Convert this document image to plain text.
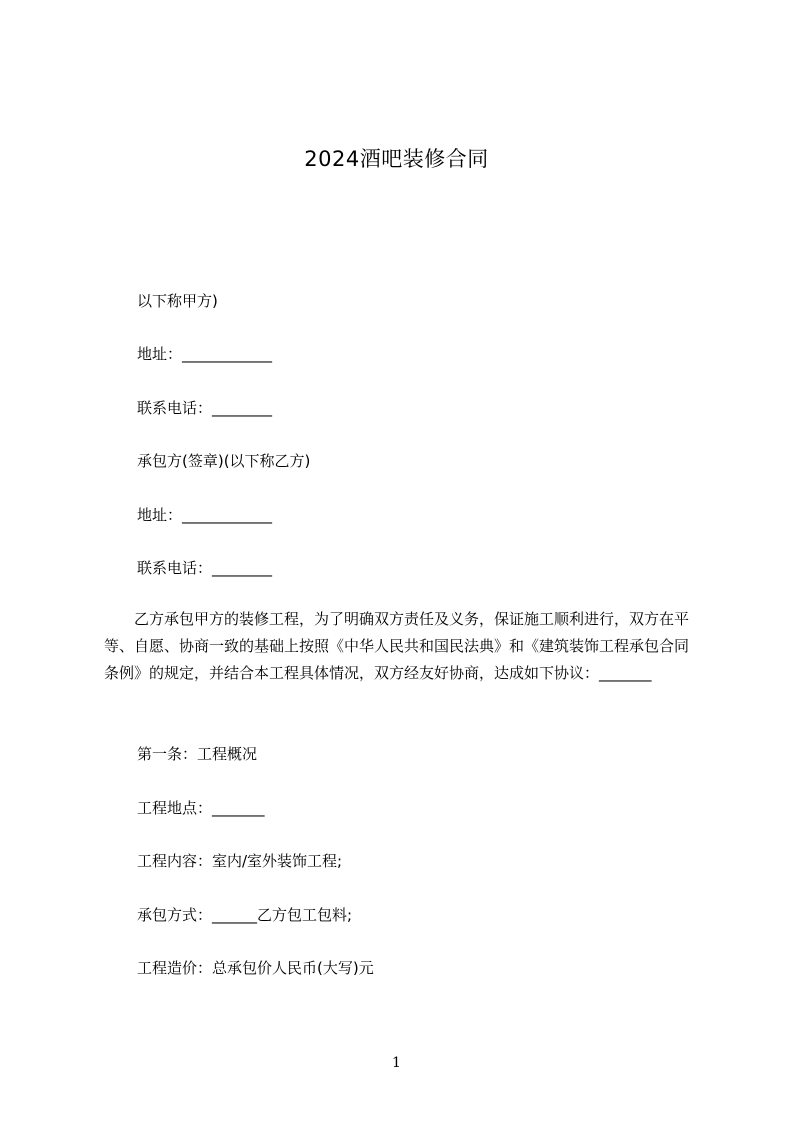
2024酒吧装修合同

以下称甲方)

地址：____________

联系电话：________

承包方(签章)(以下称乙方)

地址：____________

联系电话：________

乙方承包甲方的装修工程，为了明确双方责任及义务，保证施工顺利进行，双方在平等、自愿、协商一致的基础上按照《中华人民共和国民法典》和《建筑装饰工程承包合同条例》的规定，并结合本工程具体情况，双方经友好协商，达成如下协议：_______

第一条：工程概况

工程地点：_______

工程内容：室内/室外装饰工程;

承包方式：______乙方包工包料;

工程造价：总承包价人民币(大写)元

1
